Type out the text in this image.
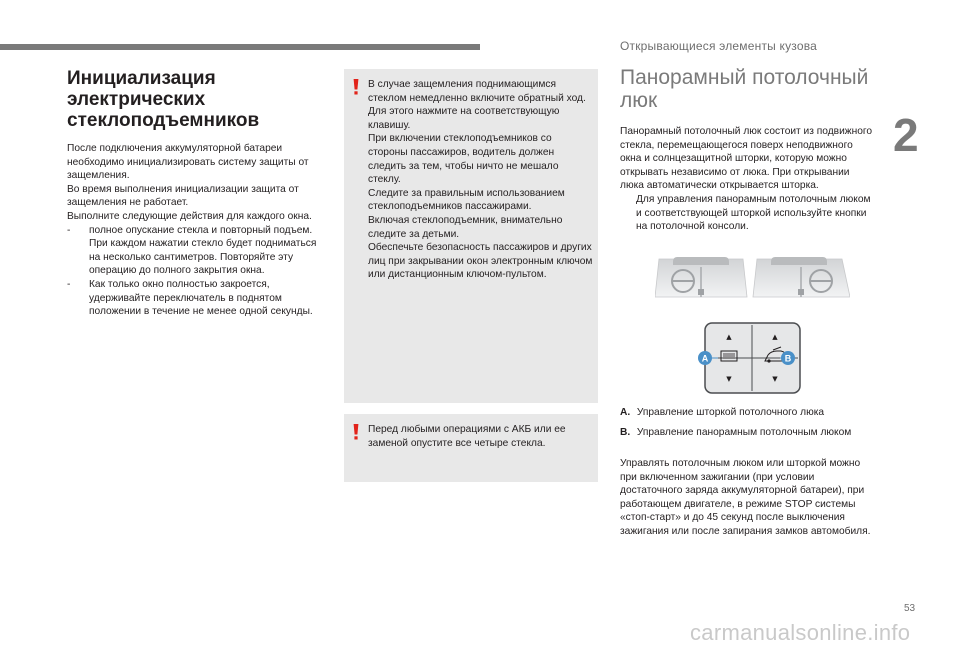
Открывающиеся элементы кузова
2
Инициализация электрических стеклоподъемников

После подключения аккумуляторной батареи необходимо инициализировать систему защиты от защемления.

Во время выполнения инициализации защита от защемления не работает.

Выполните следующие действия для каждого окна.

-	полное опускание стекла и повторный подъем. При каждом нажатии стекло будет подниматься на несколько сантиметров. Повторяйте эту операцию до полного закрытия окна.
-	Как только окно полностью закроется, удерживайте переключатель в поднятом положении в течение не менее одной секунды.

В случае защемления поднимающимся стеклом немедленно включите обратный ход. Для этого нажмите на соответствующую клавишу.

При включении стеклоподъемников со стороны пассажиров, водитель должен следить за тем, чтобы ничто не мешало стеклу.

Следите за правильным использованием стеклоподъемников пассажирами.

Включая стеклоподъемник, внимательно следите за детьми.

Обеспечьте безопасность пассажиров и других лиц при закрывании окон электронным ключом или дистанционным ключом-пультом.

Перед любыми операциями с АКБ или ее заменой опустите все четыре стекла.

Панорамный потолочный люк

Панорамный потолочный люк состоит из подвижного стекла, перемещающегося поверх неподвижного окна и солнцезащитной шторки, которую можно открывать независимо от люка. При открывании люка автоматически открывается шторка.

Для управления панорамным потолочным люком и соответствующей шторкой используйте кнопки на потолочной консоли.
▲	▲
▼	▼
A	B
A. Управление шторкой потолочного люка
B. Управление панорамным потолочным люком

Управлять потолочным люком или шторкой можно при включенном зажигании (при условии достаточного заряда аккумуляторной батареи), при работающем двигателе, в режиме STOP системы «стоп-старт» и до 45 секунд после выключения зажигания или после запирания замков автомобиля.

53
carmanualsonline.info
